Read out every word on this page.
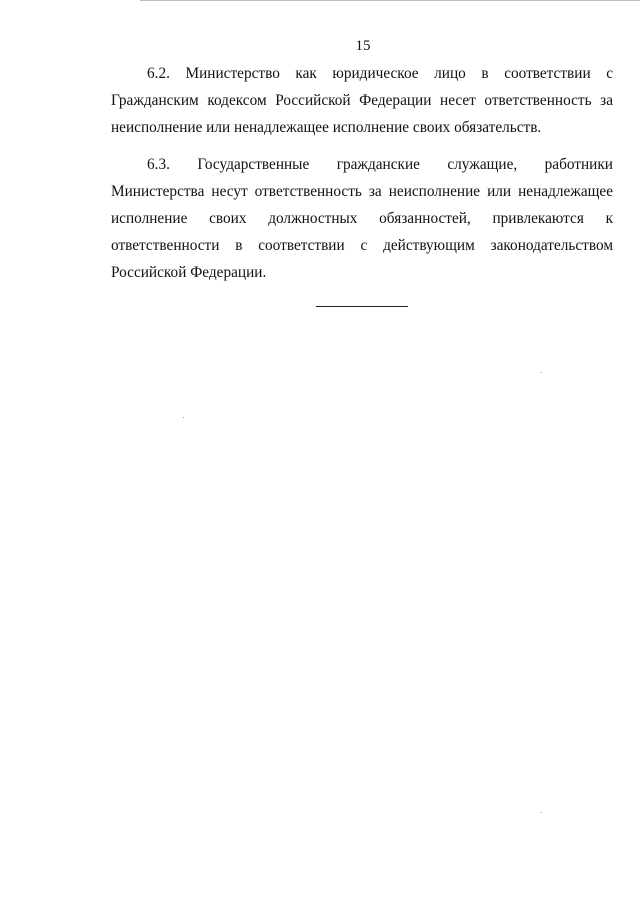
15

6.2. Министерство как юридическое лицо в соответствии с Гражданским кодексом Российской Федерации несет ответственность за неисполнение или ненадлежащее исполнение своих обязательств.

6.3. Государственные гражданские служащие, работники Министерства несут ответственность за неисполнение или ненадлежащее исполнение своих должностных обязанностей, привлекаются к ответственности в соответствии с действующим законодательством Российской Федерации.
